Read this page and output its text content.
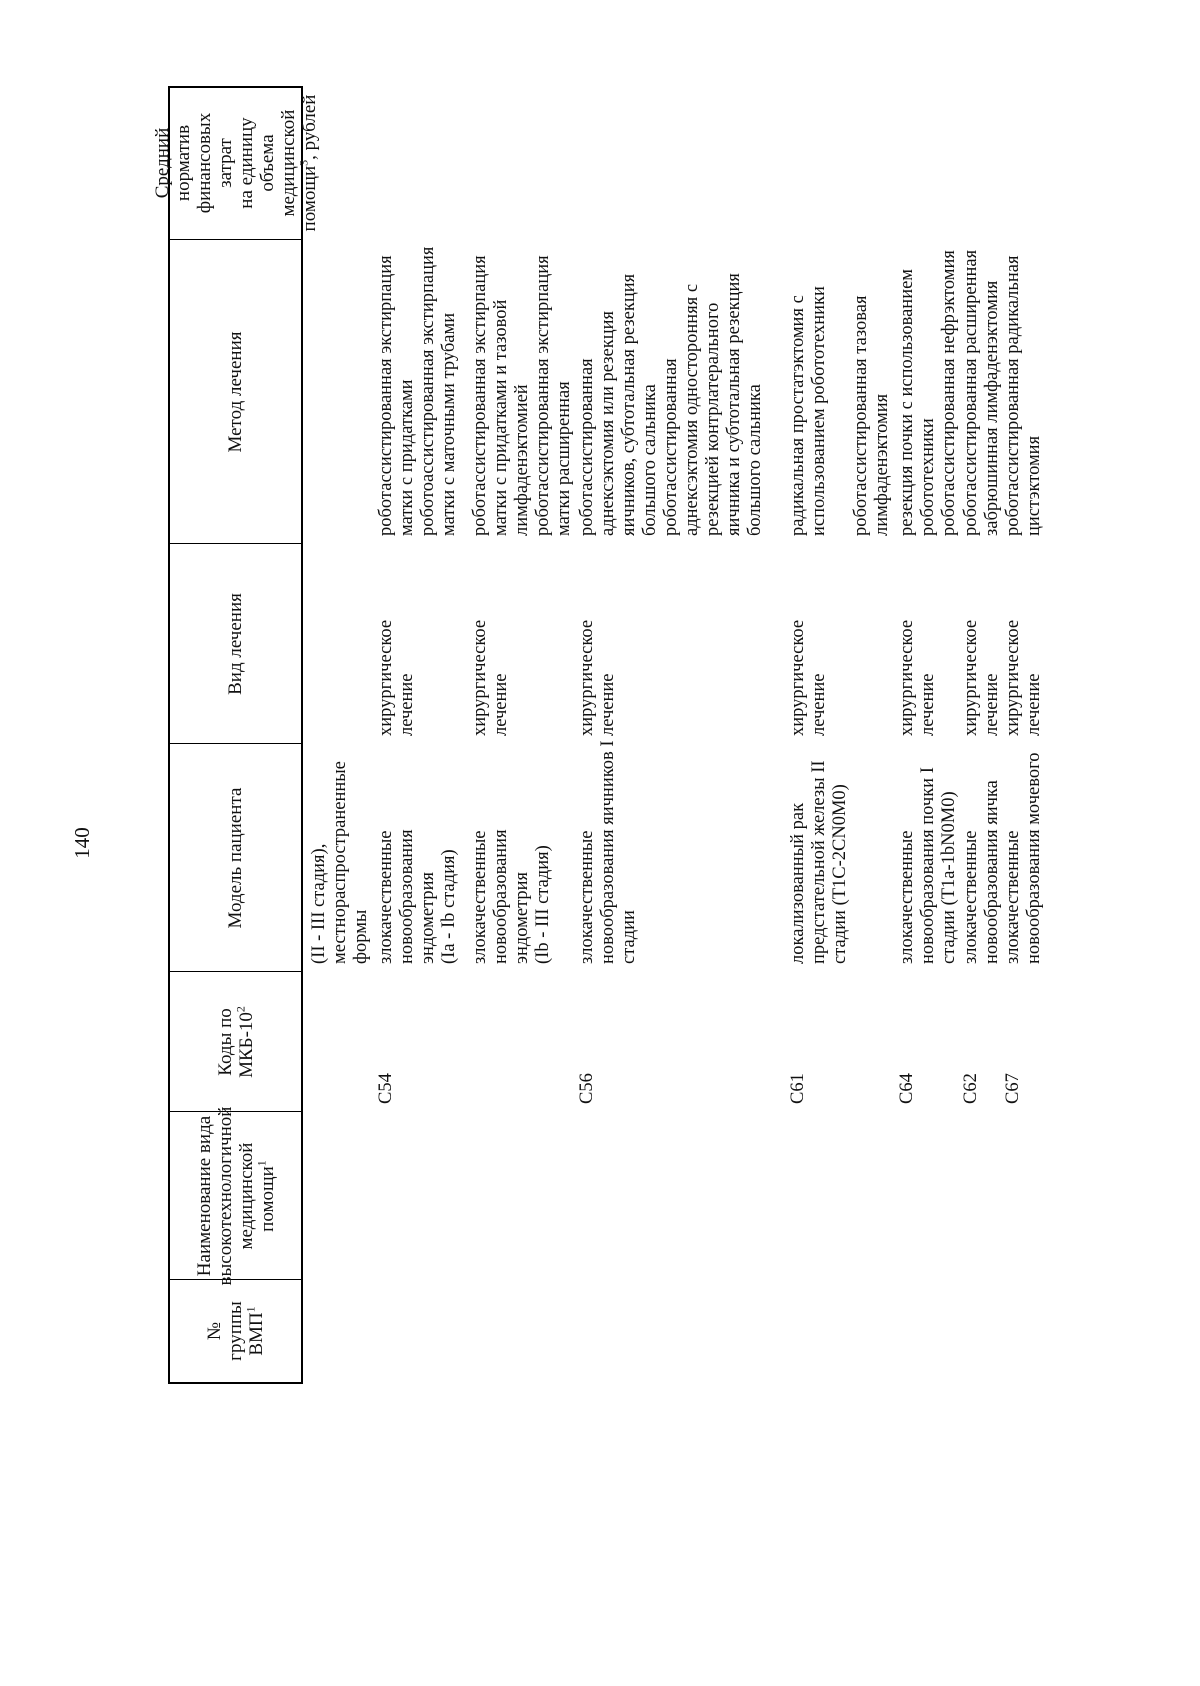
140
№
группы
ВМП$^1$
Наименование вида
высокотехнологичной
медицинской помощи$^1$
Коды по МКБ-$10^2$
Модель пациента
Вид лечения
Метод лечения
Средний норматив
финансовых затрат
на единицу объема
медицинской
помощи$^3$, рублей
(II - III стадия),
местнораспространенные
формы
C54
злокачественные
новообразования эндометрия
(Ia - Ib стадия)
хирургическое
лечение
роботассистированная экстирпация
матки с придатками
роботоассистированная экстирпация
матки с маточными трубами
злокачественные
новообразования эндометрия
(Ib - III стадия)
хирургическое
лечение
роботассистированная экстирпация
матки с придатками и тазовой
лимфаденэктомией
роботассистированная экстирпация
матки расширенная
C56
злокачественные
новообразования яичников I
стадии
хирургическое
лечение
роботассистированная
аднексэктомия или резекция
яичников, субтотальная резекция
большого сальника
роботассистированная
аднексэктомия односторонняя с
резекцией контрлатерального
яичника и субтотальная резекция
большого сальника
C61
локализованный рак
предстательной железы II
стадии (T1C-2CN0M0)
хирургическое
лечение
радикальная простатэктомия с
использованием робототехники
роботассистированная тазовая
лимфаденэктомия
C64
злокачественные
новообразования почки I
стадии (T1a-1bN0M0)
хирургическое
лечение
резекция почки с использованием
робототехники
роботассистированная нефрэктомия
C62
злокачественные
новообразования яичка
хирургическое
лечение
роботассистированная расширенная
забрюшинная лимфаденэктомия
C67
злокачественные
новообразования мочевого
хирургическое
лечение
роботассистированная радикальная
цистэктомия
